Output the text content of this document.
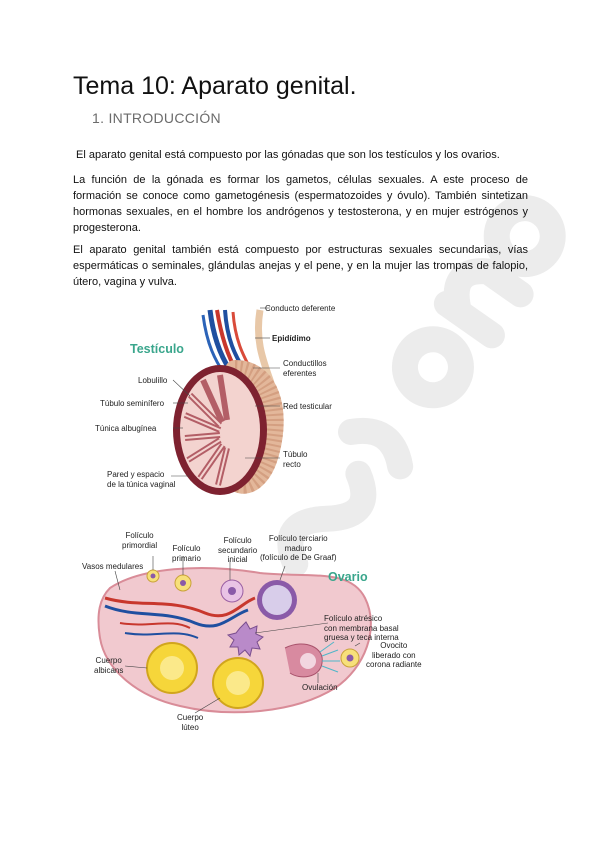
Tema 10: Aparato genital.
1. INTRODUCCIÓN
El aparato genital está compuesto por las gónadas que son los testículos y los ovarios.
La función de la gónada es formar los gametos, células sexuales. A este proceso de formación se conoce como gametogénesis (espermatozoides y óvulo). También sintetizan hormonas sexuales, en el hombre los andrógenos y testosterona, y en mujer estrógenos y progesterona.
El aparato genital también está compuesto por estructuras sexuales secundarias, vías espermáticas o seminales, glándulas anejas y el pene, y en la mujer las trompas de falopio, útero, vagina y vulva.
Conducto deferente
Epidídimo
Testículo
Conductillos
eferentes
Lobulillo
Túbulo seminífero	Red testicular
Túnica albugínea
Túbulo
recto
Pared y espacio
de la túnica vaginal
Folículo
primordial Folículo
primario
Folículo
secundario
inicial
Folículo terciario
maduro
(folículo de De Graaf)
Vasos medulares
Ovario
Folículo atrésico
con membrana basal
gruesa y teca interna
Ovocito
liberado con
corona radiante
Cuerpo
albicans
Ovulación
Cuerpo
lúteo
